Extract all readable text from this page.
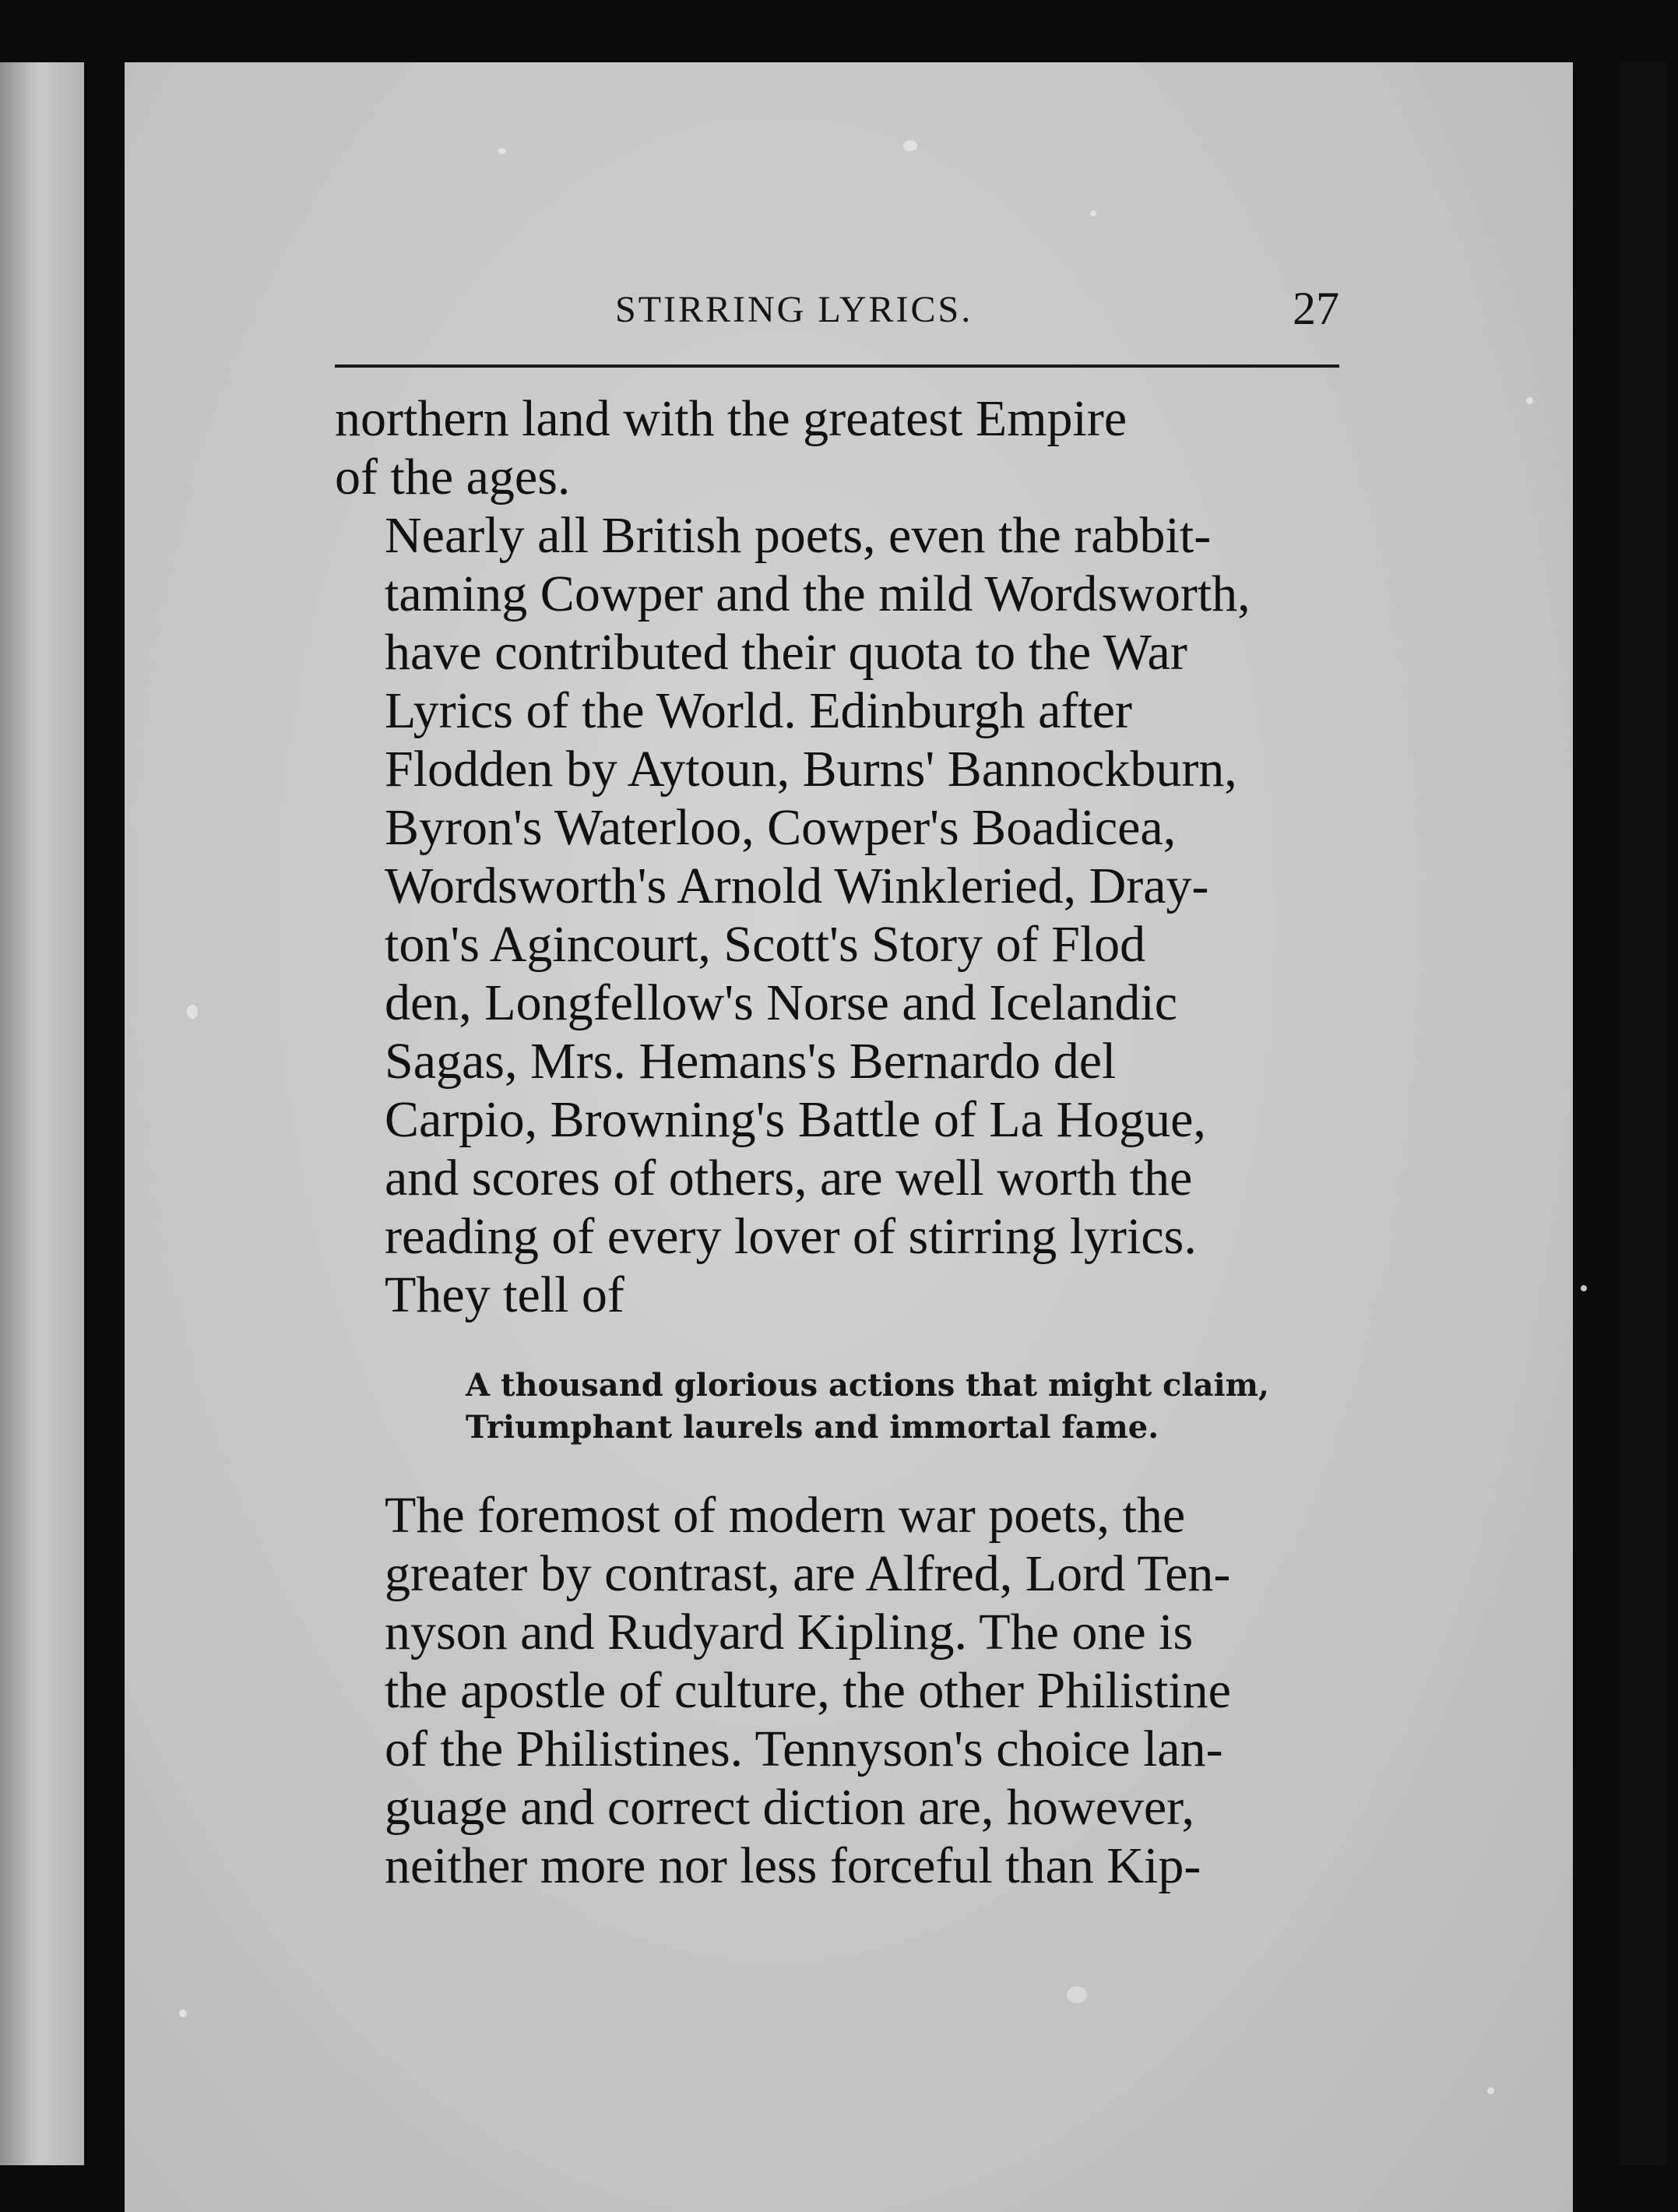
STIRRING LYRICS.	27

northern land with the greatest Empire
of the ages.

Nearly all British poets, even the rabbit-
taming Cowper and the mild Wordsworth,
have contributed their quota to the War
Lyrics of the World. Edinburgh after
Flodden by Aytoun, Burns' Bannockburn,
Byron's Waterloo, Cowper's Boadicea,
Wordsworth's Arnold Winkleried, Dray-
ton's Agincourt, Scott's Story of Flod
den, Longfellow's Norse and Icelandic
Sagas, Mrs. Hemans's Bernardo del
Carpio, Browning's Battle of La Hogue,
and scores of others, are well worth the
reading of every lover of stirring lyrics.
They tell of

A thousand glorious actions that might claim,
Triumphant laurels and immortal fame.

The foremost of modern war poets, the
greater by contrast, are Alfred, Lord Ten-
nyson and Rudyard Kipling. The one is
the apostle of culture, the other Philistine
of the Philistines. Tennyson's choice lan-
guage and correct diction are, however,
neither more nor less forceful than Kip-
